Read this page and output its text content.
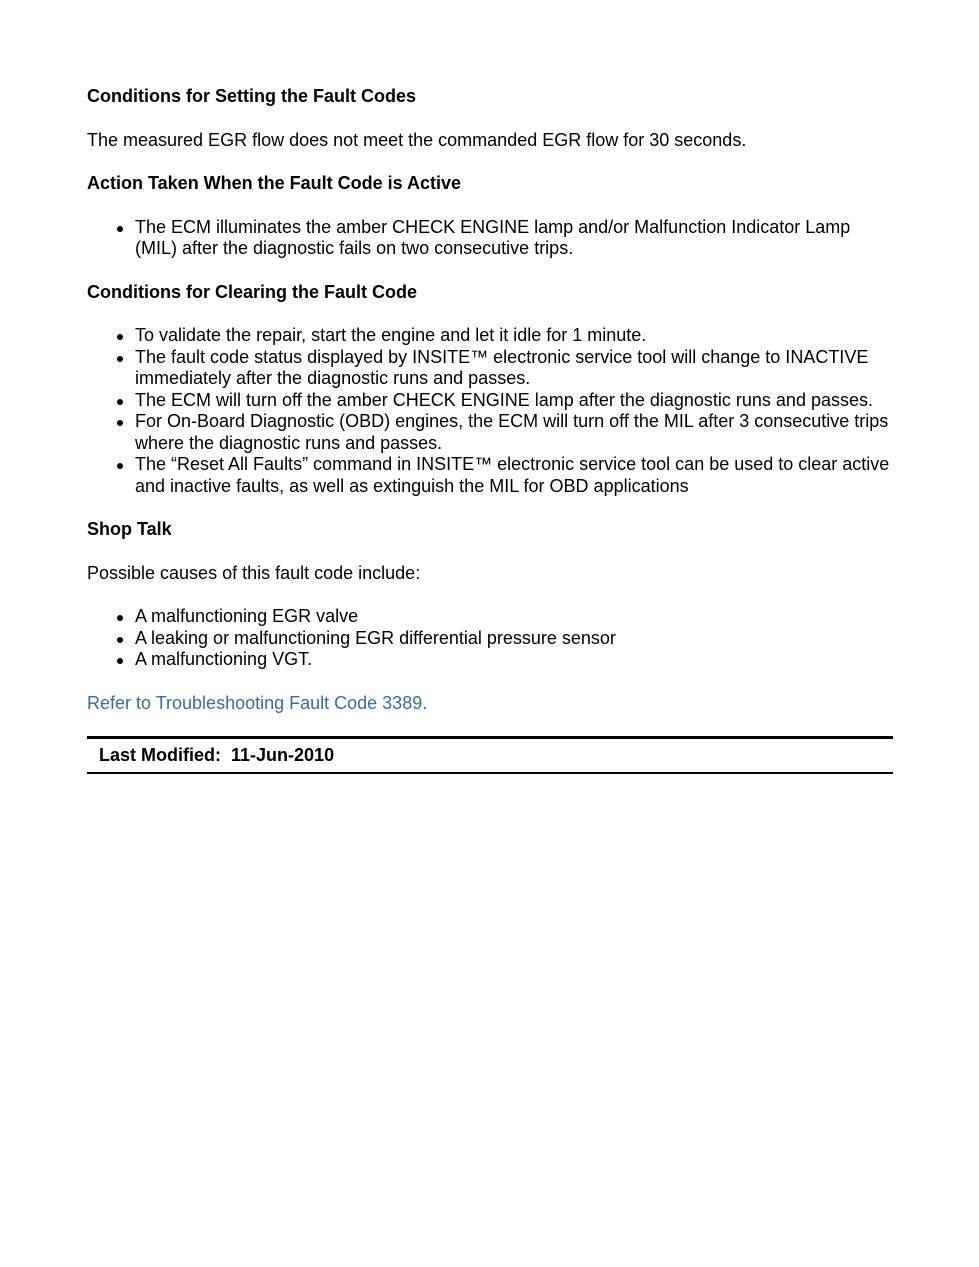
Conditions for Setting the Fault Codes
The measured EGR flow does not meet the commanded EGR flow for 30 seconds.
Action Taken When the Fault Code is Active
The ECM illuminates the amber CHECK ENGINE lamp and/or Malfunction Indicator Lamp (MIL) after the diagnostic fails on two consecutive trips.
Conditions for Clearing the Fault Code
To validate the repair, start the engine and let it idle for 1 minute.
The fault code status displayed by INSITE™ electronic service tool will change to INACTIVE immediately after the diagnostic runs and passes.
The ECM will turn off the amber CHECK ENGINE lamp after the diagnostic runs and passes.
For On-Board Diagnostic (OBD) engines, the ECM will turn off the MIL after 3 consecutive trips where the diagnostic runs and passes.
The “Reset All Faults” command in INSITE™ electronic service tool can be used to clear active and inactive faults, as well as extinguish the MIL for OBD applications
Shop Talk
Possible causes of this fault code include:
A malfunctioning EGR valve
A leaking or malfunctioning EGR differential pressure sensor
A malfunctioning VGT.
Refer to Troubleshooting Fault Code 3389.
Last Modified: 11-Jun-2010
